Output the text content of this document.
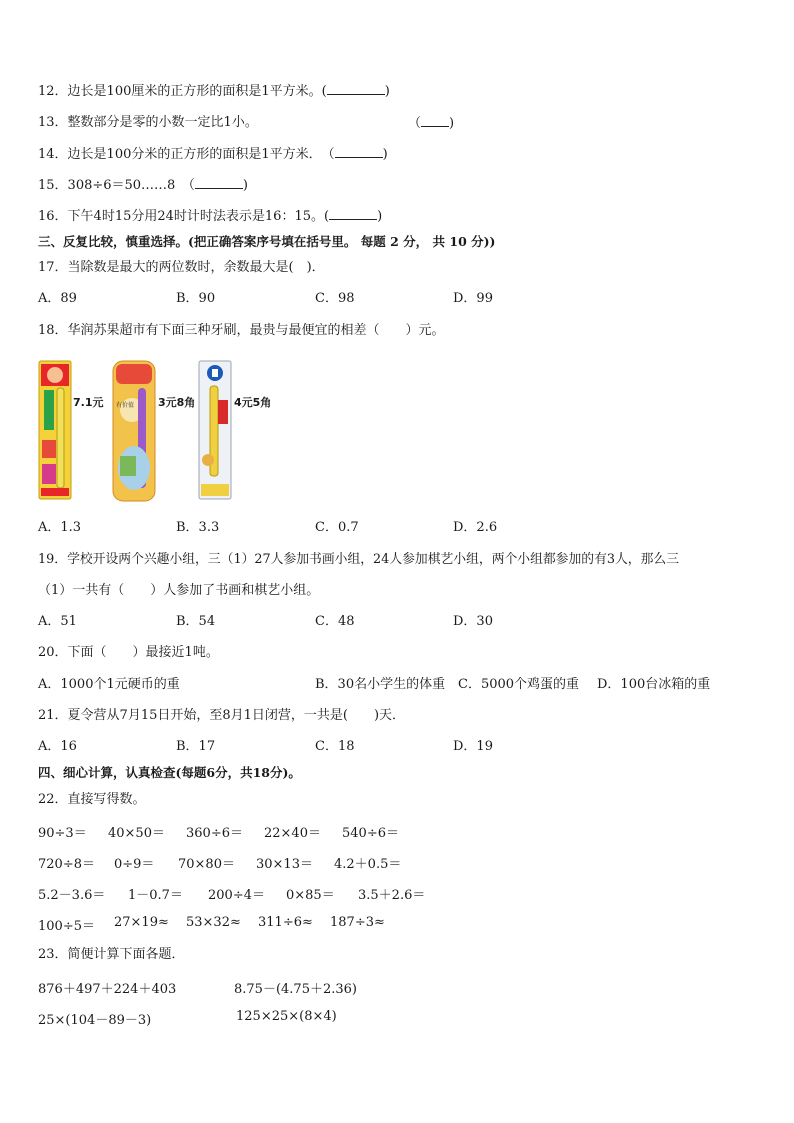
12．边长是100厘米的正方形的面积是1平方米。(	)
13．整数部分是零的小数一定比1小。	（ )
14．边长是100分米的正方形的面积是1平方米．　（	)
15．308÷6＝50……8　（	)
16．下午4时15分用24时计时法表示是16：15。(	)
三、反复比较，慎重选择。(把正确答案序号填在括号里。 每题 2 分， 共 10 分))
17．当除数是最大的两位数时，余数最大是(　)．
A．89	B．90	C．98	D．99
18．华润苏果超市有下面三种牙刷，最贵与最便宜的相差（　　）元。
7.1元 有价值 3元8角	4元5角
A．1.3	B．3.3	C．0.7	D．2.6
19．学校开设两个兴趣小组，三（1）27人参加书画小组，24人参加棋艺小组，两个小组都参加的有3人，那么三
（1）一共有（　　）人参加了书画和棋艺小组。
A．51	B．54	C．48	D．30
20．下面（　　）最接近1吨。
A．1000个1元硬币的重	B．30名小学生的体重 C．5000个鸡蛋的重 D．100台冰箱的重
21．夏令营从7月15日开始，至8月1日闭营，一共是(　　)天．
A．16	B．17	C．18	D．19
四、细心计算，认真检查(每题6分，共18分)。
22．直接写得数。
90÷3＝ 40×50＝ 360÷6＝ 22×40＝ 540÷6＝
720÷8＝ 0÷9＝ 70×80＝ 30×13＝ 4.2＋0.5＝
5.2－3.6＝ 1－0.7＝ 200÷4＝ 0×85＝ 3.5＋2.6＝
100÷5＝ 27×19≈ 53×32≈ 311÷6≈ 187÷3≈
23．简便计算下面各题．
876＋497＋224＋403	8.75－(4.75＋2.36)
25×(104－89－3)	125×25×(8×4)
